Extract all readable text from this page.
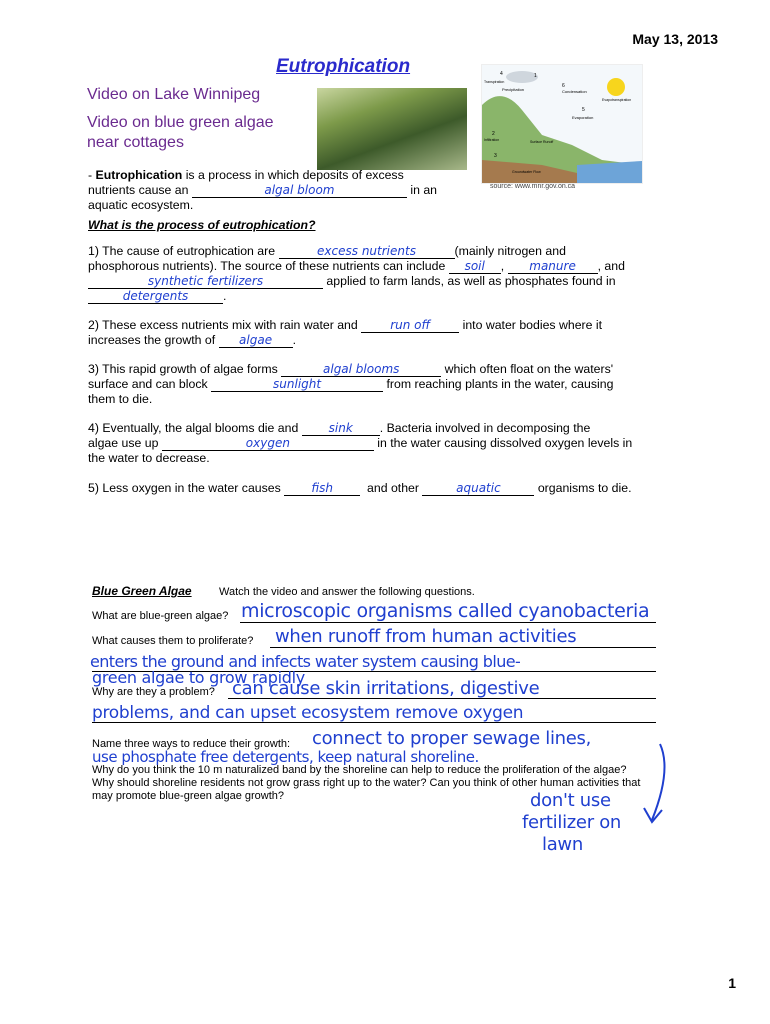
May 13, 2013
Eutrophication
Video on Lake Winnipeg
Video on blue green algae
near cottages
4	1
6
Condensation
Precipitation
Evapotranspiration
5
Evaporation
2
Infiltration	Surface Runoff
3
Groundwater Flow
Transpiration
source: www.mnr.gov.on.ca
- Eutrophication is a process in which deposits of excess
nutrients cause an	algal bloom	in an
aquatic ecosystem.
What is the process of eutrophication?
1) The cause of eutrophication are	excess nutrients	(mainly nitrogen and
phosphorous nutrients). The source of these nutrients can include soil , manure , and
synthetic fertilizers	applied to farm lands, as well as phosphates found in
detergents	.
2) These excess nutrients mix with rain water and	run off	into water bodies where it
increases the growth of algae .
3) This rapid growth of algae forms	algal blooms	which often float on the waters'
surface and can block	sunlight	from reaching plants in the water, causing
them to die.
4) Eventually, the algal blooms die and	sink . Bacteria involved in decomposing the
algae use up	oxygen	in the water causing dissolved oxygen levels in
the water to decrease.
5) Less oxygen in the water causes	fish	and other	aquatic	organisms to die.
Blue Green Algae Watch the video and answer the following questions.
What are blue-green algae? microscopic organisms called cyanobacteria
What causes them to proliferate? when runoff from human activities
enters the ground and infects water system causing blue-
green algae to grow rapidly
Why are they a problem? can cause skin irritations, digestive
problems, and can upset ecosystem remove oxygen
Name three ways to reduce their growth: connect to proper sewage lines,
use phosphate free detergents, keep natural shoreline.
Why do you think the 10 m naturalized band by the shoreline can help to reduce the proliferation of the algae?
Why should shoreline residents not grow grass right up to the water? Can you think of other human activities that
may promote blue-green algae growth?	don't use
fertilizer on
lawn
1
